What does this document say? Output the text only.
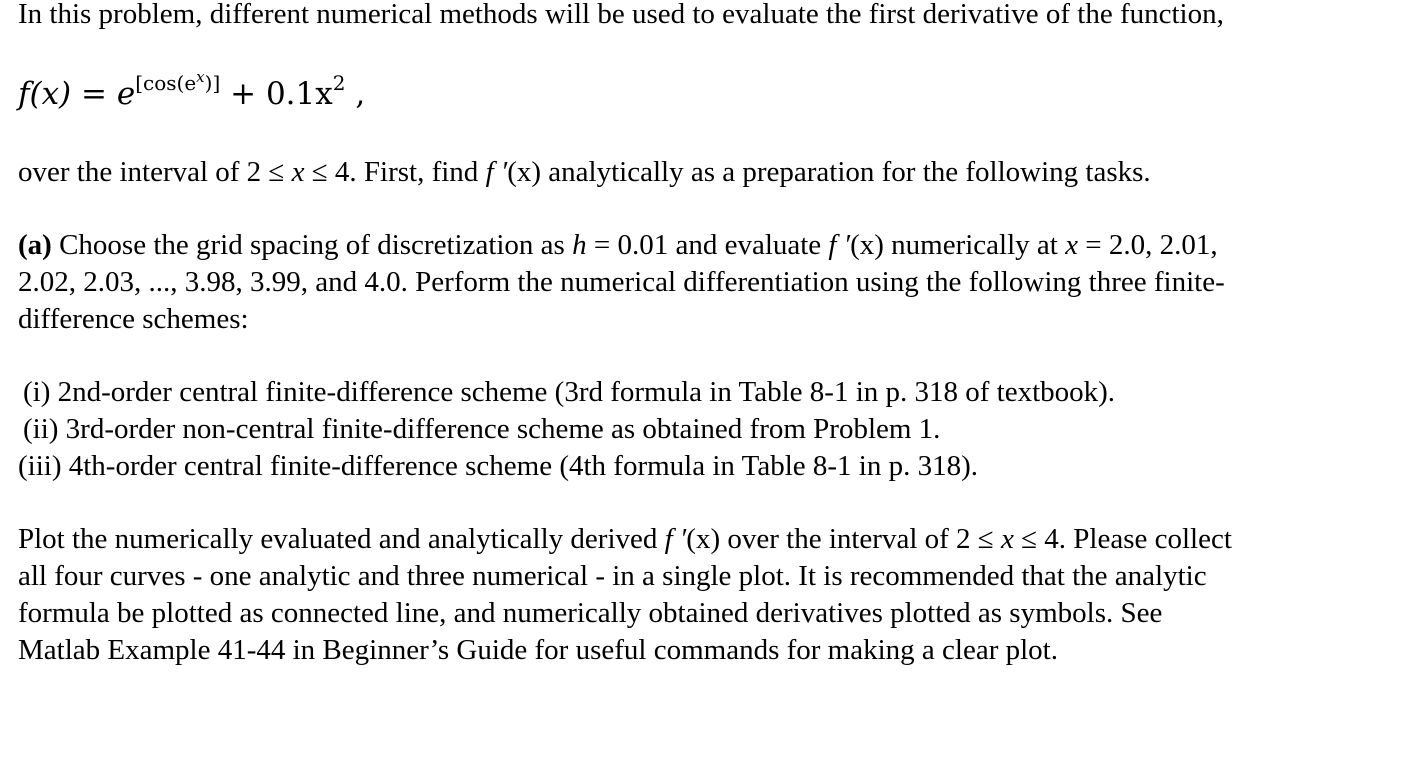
In this problem, different numerical methods will be used to evaluate the first derivative of the function,
$f(x) = e[\cos(ex)] + 0.1x^2$ ,
over the interval of 2 ≤ x ≤ 4. First, find f ′(x) analytically as a preparation for the following tasks.
(a) Choose the grid spacing of discretization as h = 0.01 and evaluate f ′(x) numerically at x = 2.0, 2.01,
2.02, 2.03, ..., 3.98, 3.99, and 4.0. Perform the numerical differentiation using the following three finite-
difference schemes:
(i) 2nd-order central finite-difference scheme (3rd formula in Table 8-1 in p. 318 of textbook).
(ii) 3rd-order non-central finite-difference scheme as obtained from Problem 1.
(iii) 4th-order central finite-difference scheme (4th formula in Table 8-1 in p. 318).
Plot the numerically evaluated and analytically derived f ′(x) over the interval of 2 ≤ x ≤ 4. Please collect
all four curves - one analytic and three numerical - in a single plot. It is recommended that the analytic
formula be plotted as connected line, and numerically obtained derivatives plotted as symbols. See
Matlab Example 41-44 in Beginner’s Guide for useful commands for making a clear plot.
